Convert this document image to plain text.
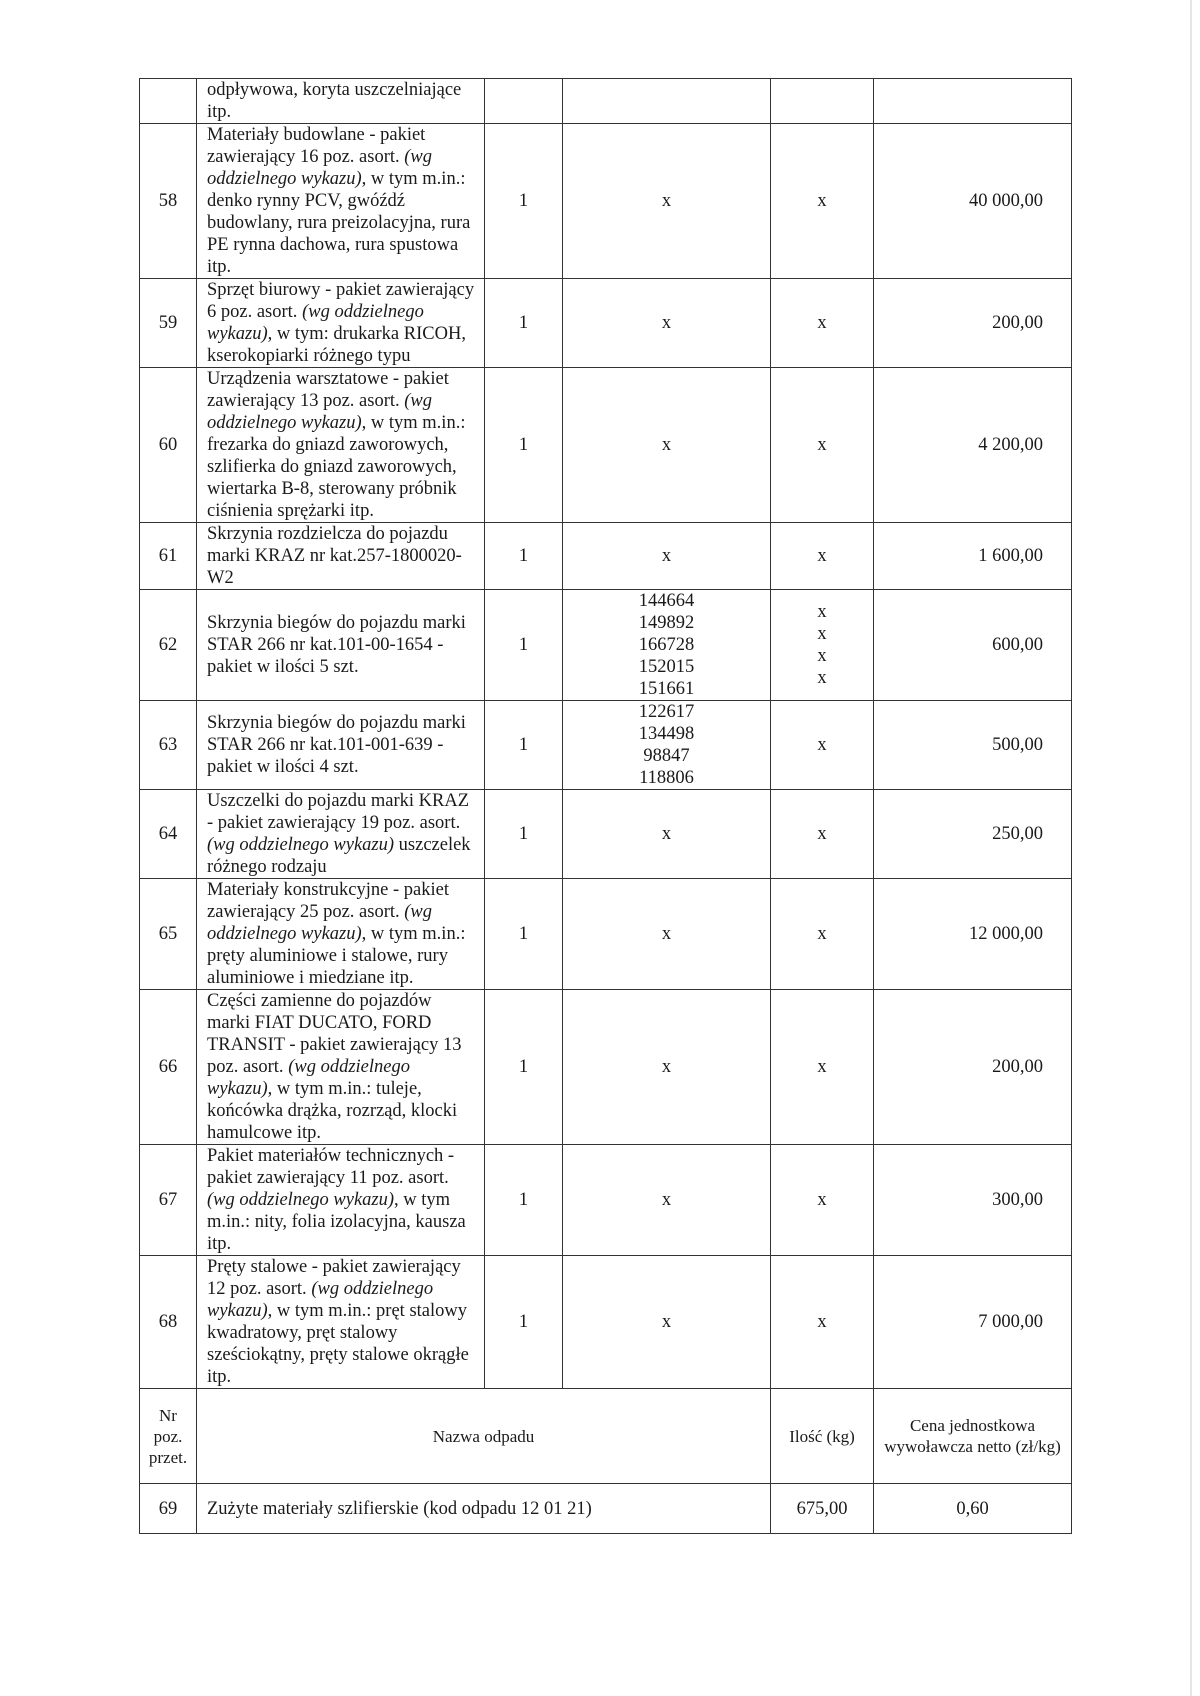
	odpływowa, koryta uszczelniające
itp.				
58	Materiały budowlane - pakiet zawierający 16 poz. asort. (wg oddzielnego wykazu), w tym m.in.: denko rynny PCV, gwóźdź budowlany, rura preizolacyjna, rura PE rynna dachowa, rura spustowa itp.	1	x	x	40 000,00
59	Sprzęt biurowy - pakiet zawierający 6 poz. asort. (wg oddzielnego wykazu), w tym: drukarka RICOH, kserokopiarki różnego typu	1	x	x	200,00
60	Urządzenia warsztatowe - pakiet zawierający 13 poz. asort. (wg oddzielnego wykazu), w tym m.in.: frezarka do gniazd zaworowych, szlifierka do gniazd zaworowych, wiertarka B-8, sterowany próbnik ciśnienia sprężarki itp.	1	x	x	4 200,00
61	Skrzynia rozdzielcza do pojazdu marki KRAZ nr kat.257-1800020-W2	1	x	x	1 600,00
62	Skrzynia biegów do pojazdu marki STAR 266 nr kat.101-00-1654 - pakiet w ilości 5 szt.	1	144664
149892
166728
152015
151661	x
x
x
x	600,00
63	Skrzynia biegów do pojazdu marki STAR 266 nr kat.101-001-639 - pakiet w ilości 4 szt.	1	122617
134498
98847
118806	x	500,00
64	Uszczelki do pojazdu marki KRAZ - pakiet zawierający 19 poz. asort. (wg oddzielnego wykazu) uszczelek różnego rodzaju	1	x	x	250,00
65	Materiały konstrukcyjne - pakiet zawierający 25 poz. asort. (wg oddzielnego wykazu), w tym m.in.: pręty aluminiowe i stalowe, rury aluminiowe i miedziane itp.	1	x	x	12 000,00
66	Części zamienne do pojazdów marki FIAT DUCATO, FORD TRANSIT - pakiet zawierający 13 poz. asort. (wg oddzielnego wykazu), w tym m.in.: tuleje, końcówka drążka, rozrząd, klocki hamulcowe itp.	1	x	x	200,00
67	Pakiet materiałów technicznych - pakiet zawierający 11 poz. asort. (wg oddzielnego wykazu), w tym m.in.: nity, folia izolacyjna, kausza itp.	1	x	x	300,00
68	Pręty stalowe - pakiet zawierający 12 poz. asort. (wg oddzielnego wykazu), w tym m.in.: pręt stalowy kwadratowy, pręt stalowy sześciokątny, pręty stalowe okrągłe itp.	1	x	x	7 000,00
Nr poz. przet.	Nazwa odpadu			Ilość (kg)	Cena jednostkowa wywoławcza netto (zł/kg)
69	Zużyte materiały szlifierskie (kod odpadu 12 01 21)			675,00	0,60
